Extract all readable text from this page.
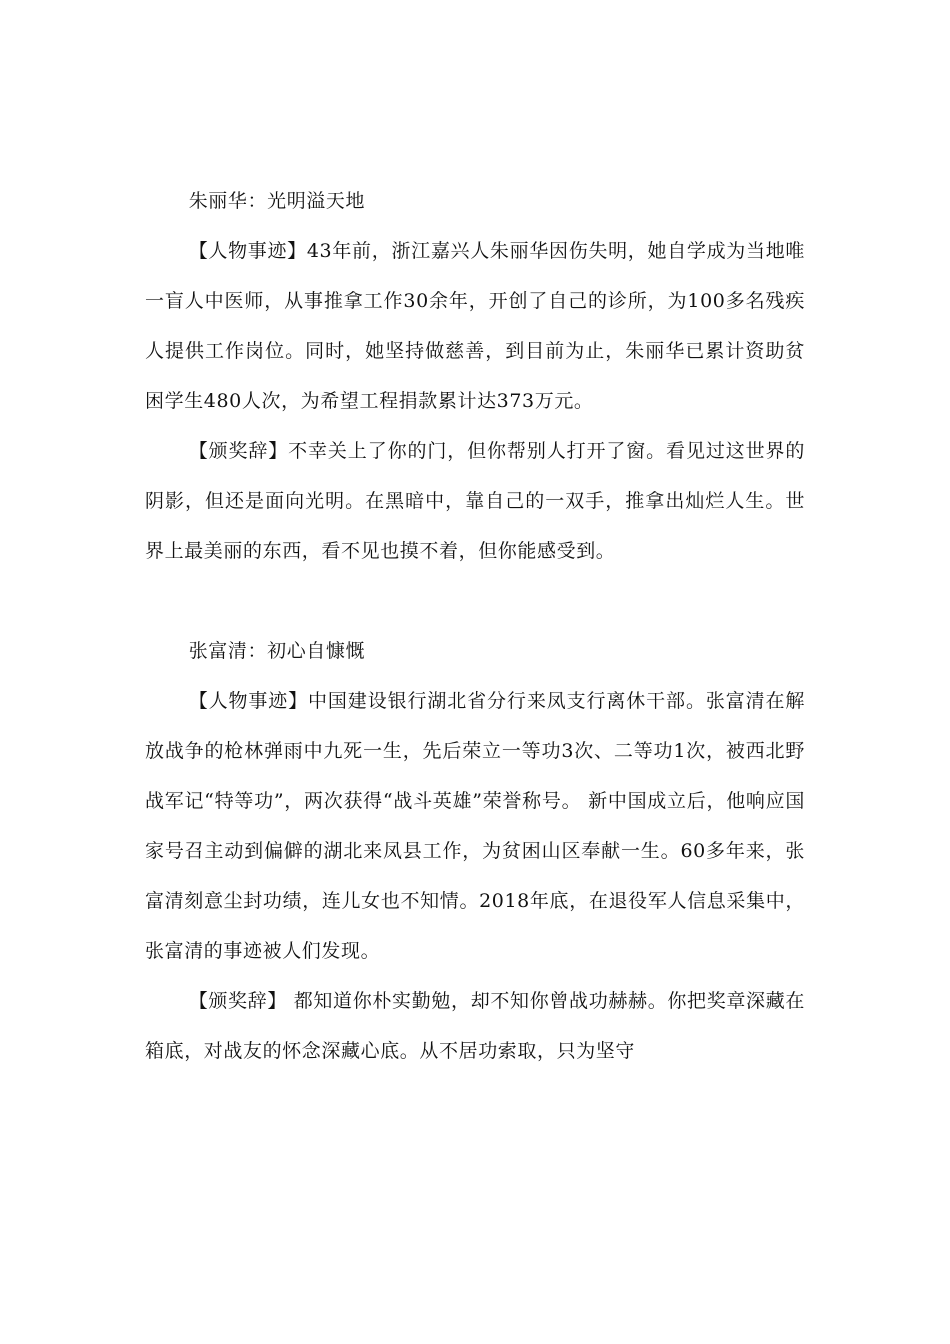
朱丽华：光明溢天地

【人物事迹】43年前，浙江嘉兴人朱丽华因伤失明，她自学成为当地唯一盲人中医师，从事推拿工作30余年，开创了自己的诊所，为100多名残疾人提供工作岗位。同时，她坚持做慈善，到目前为止，朱丽华已累计资助贫困学生480人次，为希望工程捐款累计达373万元。

【颁奖辞】不幸关上了你的门，但你帮别人打开了窗。看见过这世界的阴影，但还是面向光明。在黑暗中，靠自己的一双手，推拿出灿烂人生。世界上最美丽的东西，看不见也摸不着，但你能感受到。

张富清：初心自慷慨

【人物事迹】中国建设银行湖北省分行来凤支行离休干部。张富清在解放战争的枪林弹雨中九死一生，先后荣立一等功3次、二等功1次，被西北野战军记“特等功”，两次获得“战斗英雄”荣誉称号。 新中国成立后，他响应国家号召主动到偏僻的湖北来凤县工作，为贫困山区奉献一生。60多年来，张富清刻意尘封功绩，连儿女也不知情。2018年底，在退役军人信息采集中，张富清的事迹被人们发现。

【颁奖辞】 都知道你朴实勤勉，却不知你曾战功赫赫。你把奖章深藏在箱底，对战友的怀念深藏心底。从不居功索取，只为坚守
